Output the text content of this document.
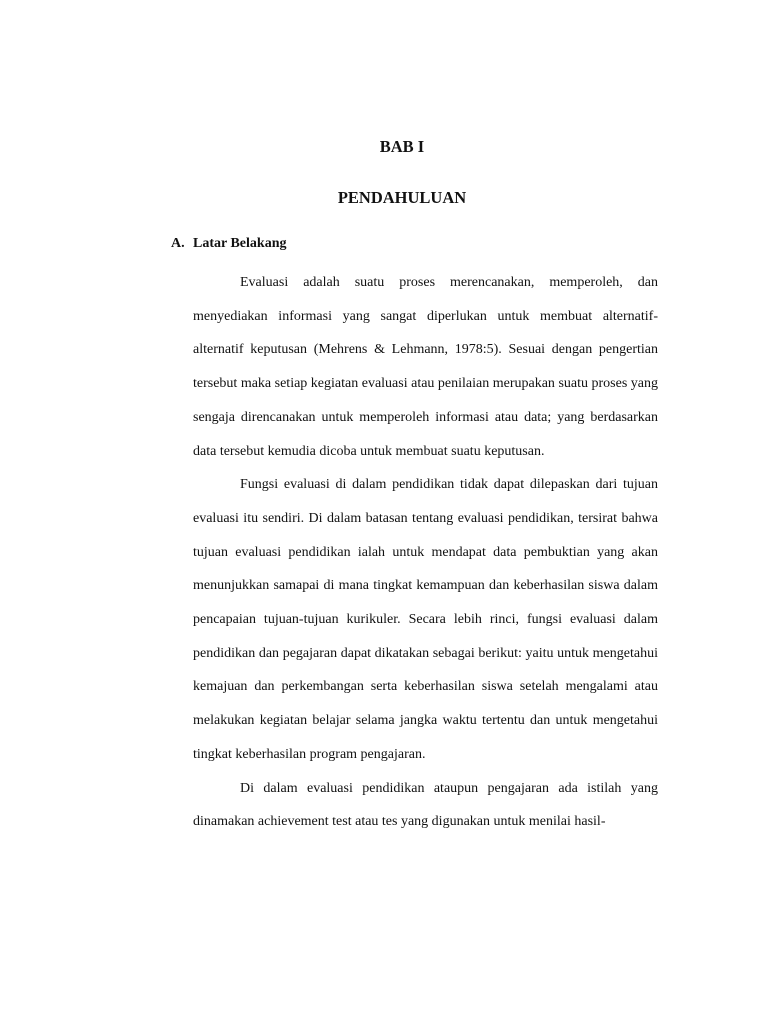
BAB I
PENDAHULUAN
A. Latar Belakang

Evaluasi adalah suatu proses merencanakan, memperoleh, dan menyediakan informasi yang sangat diperlukan untuk membuat alternatif-alternatif keputusan (Mehrens & Lehmann, 1978:5). Sesuai dengan pengertian tersebut maka setiap kegiatan evaluasi atau penilaian merupakan suatu proses yang sengaja direncanakan untuk memperoleh informasi atau data; yang berdasarkan data tersebut kemudia dicoba untuk membuat suatu keputusan.

Fungsi evaluasi di dalam pendidikan tidak dapat dilepaskan dari tujuan evaluasi itu sendiri. Di dalam batasan tentang evaluasi pendidikan, tersirat bahwa tujuan evaluasi pendidikan ialah untuk mendapat data pembuktian yang akan menunjukkan samapai di mana tingkat kemampuan dan keberhasilan siswa dalam pencapaian tujuan-tujuan kurikuler. Secara lebih rinci, fungsi evaluasi dalam pendidikan dan pegajaran dapat dikatakan sebagai berikut: yaitu untuk mengetahui kemajuan dan perkembangan serta keberhasilan siswa setelah mengalami atau melakukan kegiatan belajar selama jangka waktu tertentu dan untuk mengetahui tingkat keberhasilan program pengajaran.

Di dalam evaluasi pendidikan ataupun pengajaran ada istilah yang dinamakan achievement test atau tes yang digunakan untuk menilai hasil-
